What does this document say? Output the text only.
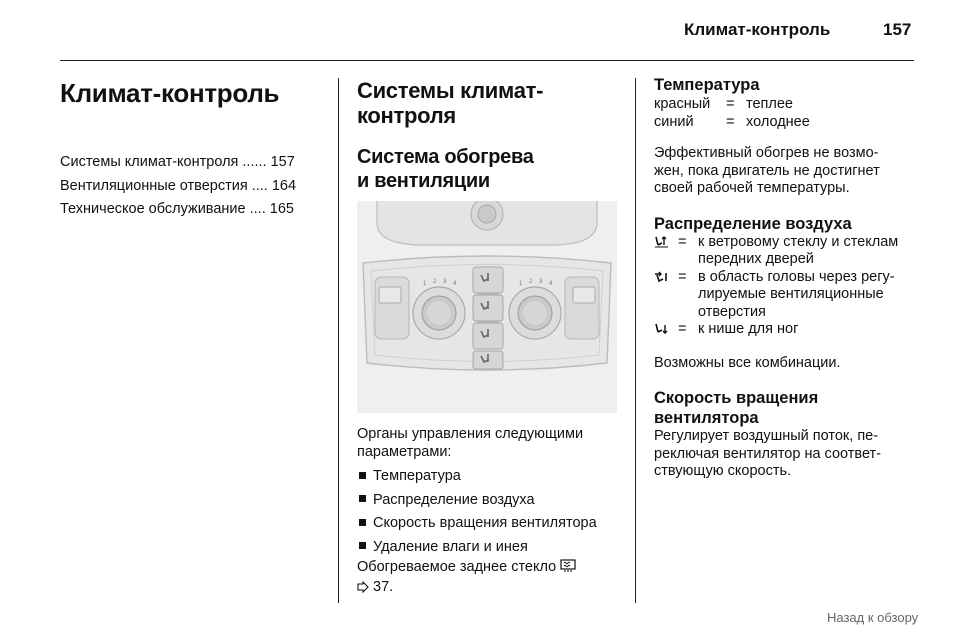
Климат-контроль	157
Климат-контроль
Системы климат-контроля ...... 157
Вентиляционные отверстия .... 164
Техническое обслуживание .... 165
Системы климат-
контроля
Система обогрева
и вентиляции
1 2 3 4	1 2 3 4

Органы управления следующими
параметрами:

Температура
Распределение воздуха
Скорость вращения вентилятора
Удаление влаги и инея

Обогреваемое заднее стекло
37.

Температура
красный = теплее
синий = холоднее

Эффективный обогрев не возмо-
жен, пока двигатель не достигнет
своей рабочей температуры.

Распределение воздуха
= к ветровому стеклу и стеклам
передних дверей
= в область головы через регу-
лируемые вентиляционные
отверстия
= к нише для ног

Возможны все комбинации.

Скорость вращения
вентилятора

Регулирует воздушный поток, пе-
реключая вентилятор на соответ-
ствующую скорость.

Назад к обзору
